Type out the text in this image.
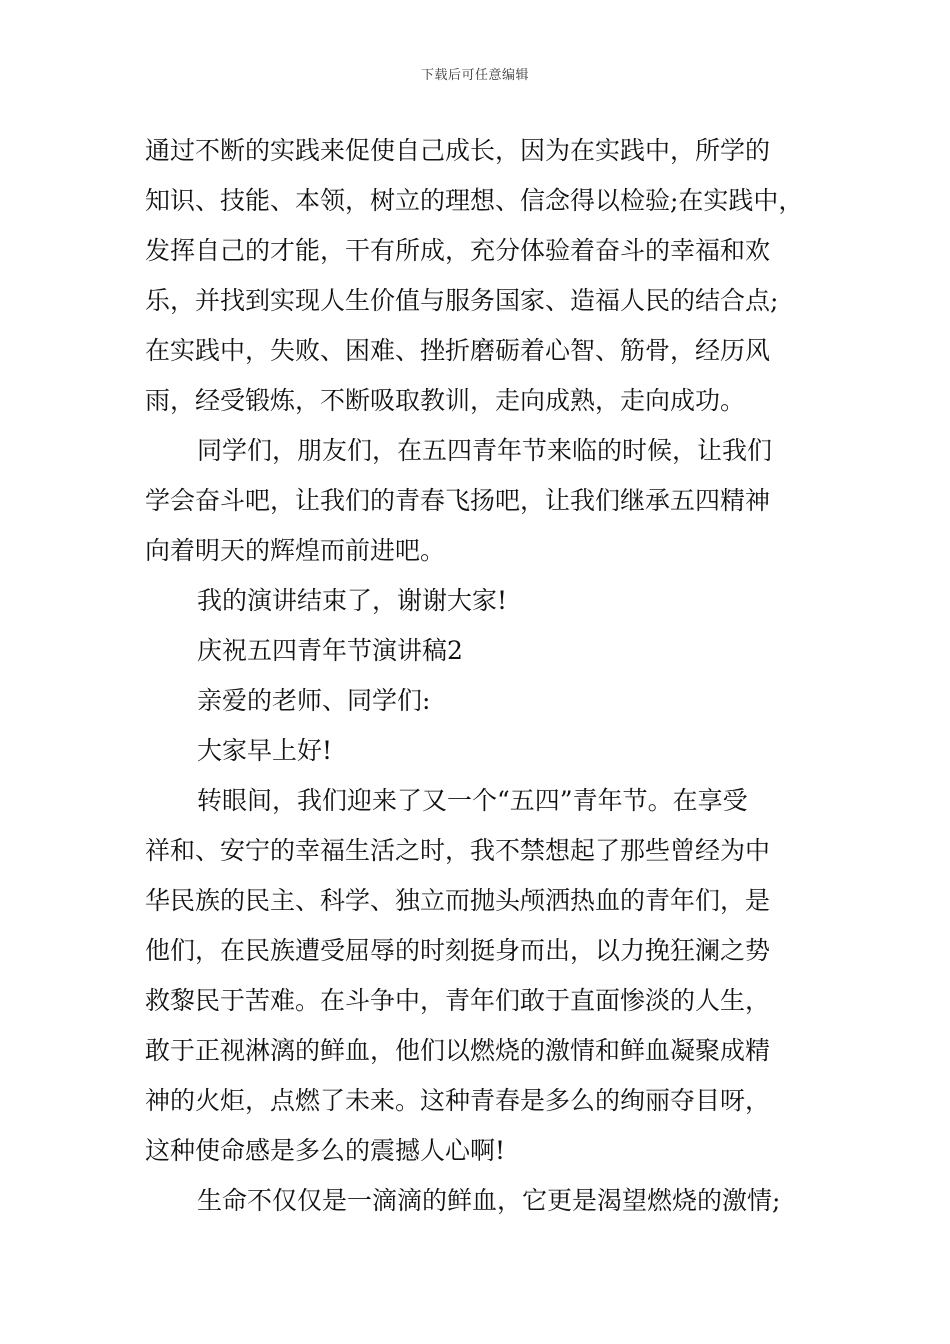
下载后可任意编辑
通过不断的实践来促使自己成长，因为在实践中，所学的
知识、技能、本领，树立的理想、信念得以检验;在实践中，
发挥自己的才能，干有所成，充分体验着奋斗的幸福和欢
乐，并找到实现人生价值与服务国家、造福人民的结合点;
在实践中，失败、困难、挫折磨砺着心智、筋骨，经历风
雨，经受锻炼，不断吸取教训，走向成熟，走向成功。
同学们，朋友们，在五四青年节来临的时候，让我们
学会奋斗吧，让我们的青春飞扬吧，让我们继承五四精神
向着明天的辉煌而前进吧。
我的演讲结束了，谢谢大家!
庆祝五四青年节演讲稿2
亲爱的老师、同学们:
大家早上好!
转眼间，我们迎来了又一个“五四”青年节。在享受
祥和、安宁的幸福生活之时，我不禁想起了那些曾经为中
华民族的民主、科学、独立而抛头颅洒热血的青年们，是
他们，在民族遭受屈辱的时刻挺身而出，以力挽狂澜之势
救黎民于苦难。在斗争中，青年们敢于直面惨淡的人生，
敢于正视淋漓的鲜血，他们以燃烧的激情和鲜血凝聚成精
神的火炬，点燃了未来。这种青春是多么的绚丽夺目呀，
这种使命感是多么的震撼人心啊!
生命不仅仅是一滴滴的鲜血，它更是渴望燃烧的激情;
